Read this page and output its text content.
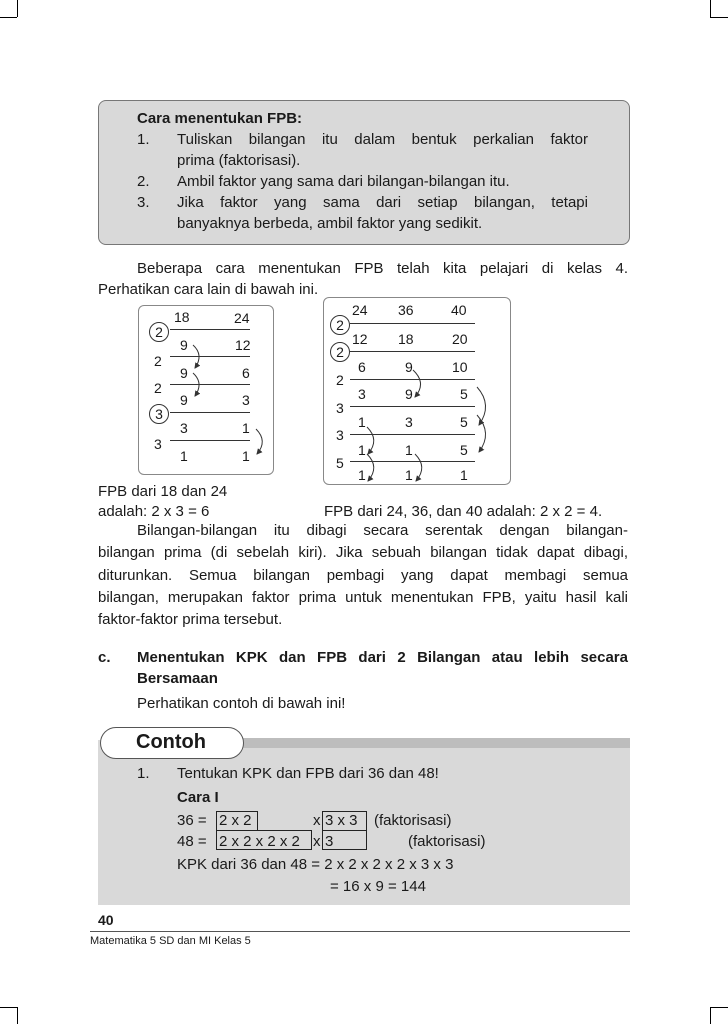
Cara menentukan FPB:
1. Tuliskan bilangan itu dalam bentuk perkalian faktor
prima (faktorisasi).
2. Ambil faktor yang sama dari bilangan-bilangan itu.
3. Jika faktor yang sama dari setiap bilangan, tetapi
banyaknya berbeda, ambil faktor yang sedikit.
Beberapa cara menentukan FPB telah kita pelajari di kelas 4.
Perhatikan cara lain di bawah ini.
18	24
2
9	12
2
9	6
2
9	3
3
3	1
3
1	1
24 36	40
2
12 18	20
2
6	9	10
2
3	9	5
3
1	3	5
3
1	1	5
5
1	1	1
FPB dari 18 dan 24
adalah: 2 x 3 = 6	FPB dari 24, 36, dan 40 adalah: 2 x 2 = 4.
Bilangan-bilangan itu dibagi secara serentak dengan bilangan-
bilangan prima (di sebelah kiri). Jika sebuah bilangan tidak dapat dibagi,
diturunkan. Semua bilangan pembagi yang dapat membagi semua
bilangan, merupakan faktor prima untuk menentukan FPB, yaitu hasil kali
faktor-faktor prima tersebut.
c. Menentukan KPK dan FPB dari 2 Bilangan atau lebih secara
Bersamaan
Perhatikan contoh di bawah ini!
Contoh
1. Tentukan KPK dan FPB dari 36 dan 48!
Cara I
36 = 2 x 2	x 3 x 3 (faktorisasi)
48 = 2 x 2 x 2 x 2 x 3	(faktorisasi)
KPK dari 36 dan 48 = 2 x 2 x 2 x 2 x 3 x 3
= 16 x 9 = 144
40
Matematika 5 SD dan MI Kelas 5
